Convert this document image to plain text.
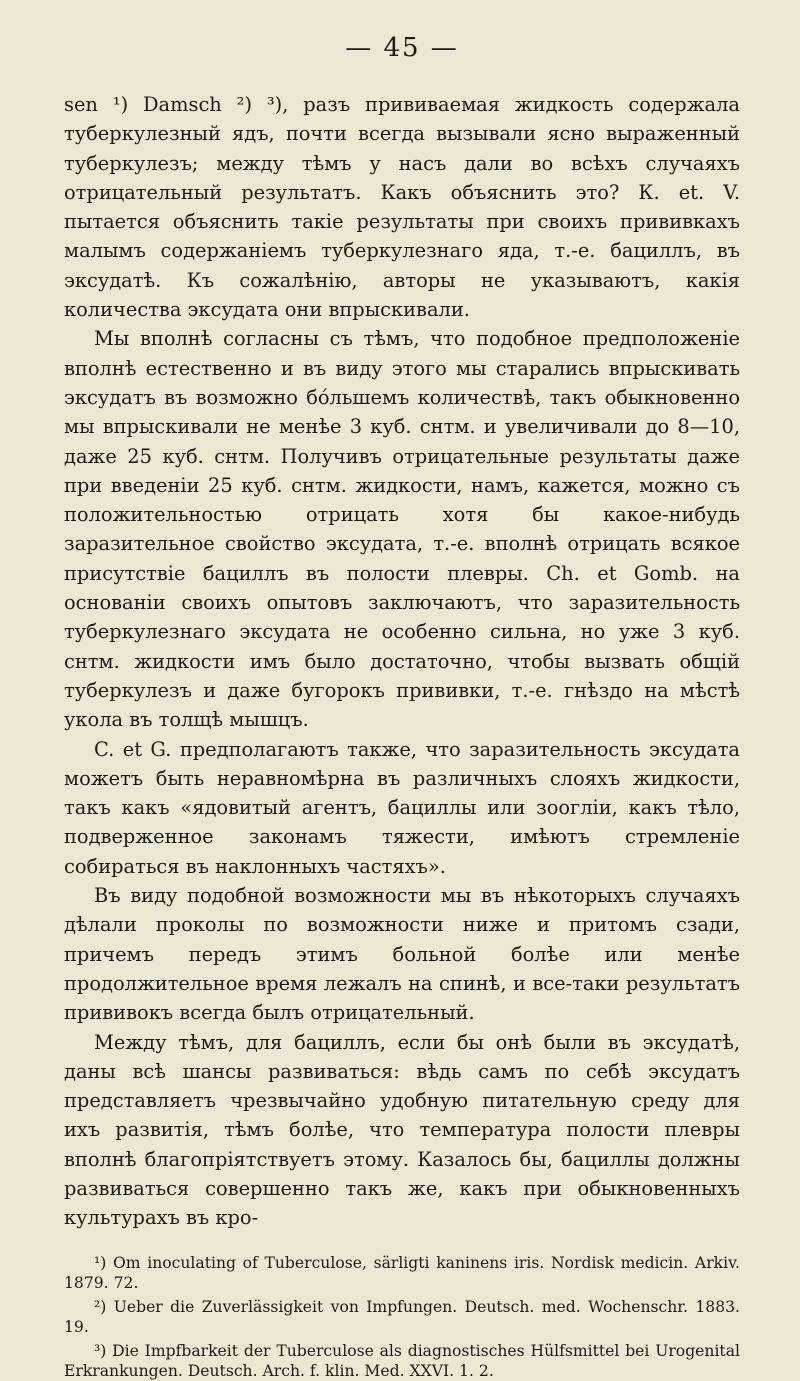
— 45 —

sen ¹) Damsch ²) ³), разъ прививаемая жидкость содержала туберкулезный ядъ, почти всегда вызывали ясно выраженный туберкулезъ; между тѣмъ у насъ дали во всѣхъ случаяхъ отрицательный результатъ. Какъ объяснить это? К. et. V. пытается объяснить такіе результаты при своихъ прививкахъ малымъ содержаніемъ туберкулезнаго яда, т.-е. бациллъ, въ эксудатѣ. Къ сожалѣнію, авторы не указываютъ, какія количества эксудата они впрыскивали.

Мы вполнѣ согласны съ тѣмъ, что подобное предположеніе вполнѣ естественно и въ виду этого мы старались впрыскивать эксудатъ въ возможно бо́льшемъ количествѣ, такъ обыкновенно мы впрыскивали не менѣе 3 куб. снтм. и увеличивали до 8—10, даже 25 куб. снтм. Получивъ отрицательные результаты даже при введеніи 25 куб. снтм. жидкости, намъ, кажется, можно съ положительностью отрицать хотя бы какое-нибудь заразительное свойство эксудата, т.-е. вполнѣ отрицать всякое присутствіе бациллъ въ полости плевры. Ch. et Gomb. на основаніи своихъ опытовъ заключаютъ, что заразительность туберкулезнаго эксудата не особенно сильна, но уже 3 куб. снтм. жидкости имъ было достаточно, чтобы вызвать общій туберкулезъ и даже бугорокъ прививки, т.-е. гнѣздо на мѣстѣ укола въ толщѣ мышцъ.

C. et G. предполагаютъ также, что заразительность эксудата можетъ быть неравномѣрна въ различныхъ слояхъ жидкости, такъ какъ «ядовитый агентъ, бациллы или зоогліи, какъ тѣло, подверженное законамъ тяжести, имѣютъ стремленіе собираться въ наклонныхъ частяхъ».

Въ виду подобной возможности мы въ нѣкоторыхъ случаяхъ дѣлали проколы по возможности ниже и притомъ сзади, причемъ передъ этимъ больной болѣе или менѣе продолжительное время лежалъ на спинѣ, и все-таки результатъ прививокъ всегда былъ отрицательный.

Между тѣмъ, для бациллъ, если бы онѣ были въ эксудатѣ, даны всѣ шансы развиваться: вѣдь самъ по себѣ эксудатъ представляетъ чрезвычайно удобную питательную среду для ихъ развитія, тѣмъ болѣе, что температура полости плевры вполнѣ благопріятствуетъ этому. Казалось бы, бациллы должны развиваться совершенно такъ же, какъ при обыкновенныхъ культурахъ въ кро-

¹) Om inoculating of Tuberculose, särligti kaninens iris. Nordisk medicin. Arkiv. 1879. 72.

²) Ueber die Zuverlässigkeit von Impfungen. Deutsch. med. Wochenschr. 1883. 19.

³) Die Impfbarkeit der Tuberculose als diagnostisches Hülfsmittel bei Urogenital Erkrankungen. Deutsch. Arch. f. klin. Med. XXVI. 1. 2.
